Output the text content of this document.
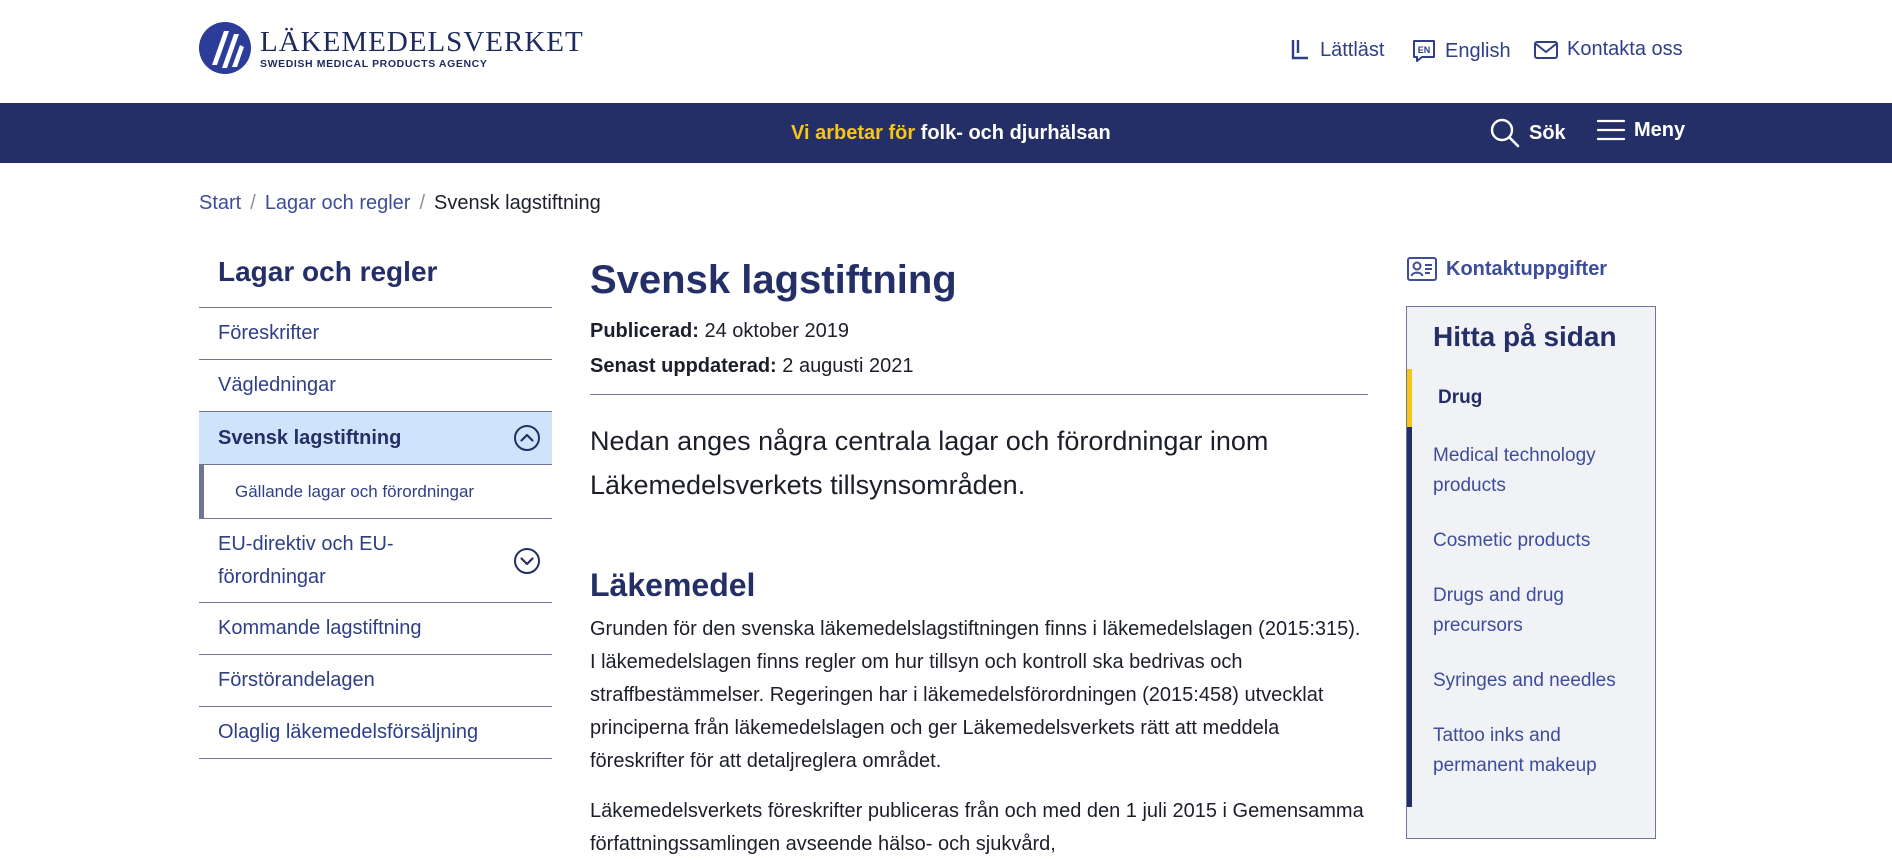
LÄKEMEDELSVERKET
SWEDISH MEDICAL PRODUCTS AGENCY
Lättläst	EN English	Kontakta oss
Vi arbetar för folk- och djurhälsan	Sök	Meny
Start / Lagar och regler / Svensk lagstiftning
Lagar och regler
Föreskrifter
Vägledningar
Svensk lagstiftning
Gällande lagar och förordningar
EU-direktiv och EU-förordningar
Kommande lagstiftning
Förstörandelagen
Olaglig läkemedelsförsäljning
Svensk lagstiftning
Publicerad: 24 oktober 2019
Senast uppdaterad: 2 augusti 2021

Nedan anges några centrala lagar och förordningar inom Läkemedelsverkets tillsynsområden.

Läkemedel

Grunden för den svenska läkemedelslagstiftningen finns i läkemedelslagen (2015:315). I läkemedelslagen finns regler om hur tillsyn och kontroll ska bedrivas och straffbestämmelser. Regeringen har i läkemedelsförordningen (2015:458) utvecklat principerna från läkemedelslagen och ger Läkemedelsverkets rätt att meddela föreskrifter för att detaljreglera området.

Läkemedelsverkets föreskrifter publiceras från och med den 1 juli 2015 i Gemensamma författningssamlingen avseende hälso- och sjukvård,

Kontaktuppgifter
Hitta på sidan
Drug
Medical technology products
Cosmetic products
Drugs and drug precursors
Syringes and needles
Tattoo inks and permanent makeup
